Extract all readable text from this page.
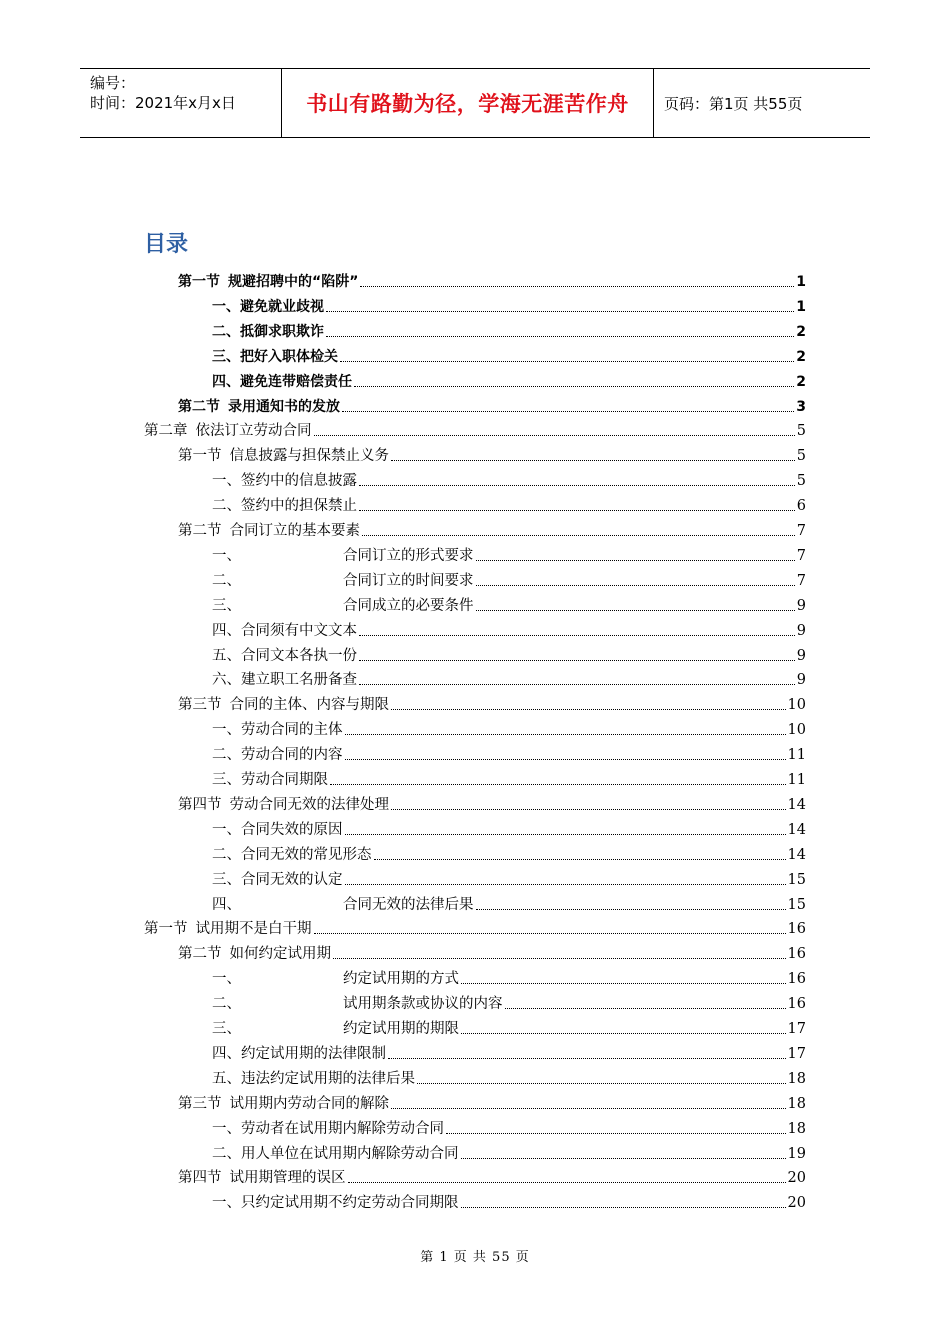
编号：
时间：2021年x月x日	书山有路勤为径，学海无涯苦作舟 页码：第1页 共55页
目录
第一节 规避招聘中的“陷阱”	1
一、避免就业歧视	1
二、抵御求职欺诈	2
三、把好入职体检关	2
四、避免连带赔偿责任	2
第二节 录用通知书的发放	3
第二章 依法订立劳动合同	5
第一节 信息披露与担保禁止义务	5
一、签约中的信息披露	5
二、签约中的担保禁止	6
第二节 合同订立的基本要素	7
一、	合同订立的形式要求	7
二、	合同订立的时间要求	7
三、	合同成立的必要条件	9
四、合同须有中文文本	9
五、合同文本各执一份	9
六、建立职工名册备查	9
第三节 合同的主体、内容与期限	10
一、劳动合同的主体	10
二、劳动合同的内容	11
三、劳动合同期限	11
第四节 劳动合同无效的法律处理	14
一、合同失效的原因	14
二、合同无效的常见形态	14
三、合同无效的认定	15
四、	合同无效的法律后果	15
第一节 试用期不是白干期	16
第二节 如何约定试用期	16
一、	约定试用期的方式	16
二、	试用期条款或协议的内容	16
三、	约定试用期的期限	17
四、约定试用期的法律限制	17
五、违法约定试用期的法律后果	18
第三节 试用期内劳动合同的解除	18
一、劳动者在试用期内解除劳动合同	18
二、用人单位在试用期内解除劳动合同	19
第四节 试用期管理的误区	20
一、只约定试用期不约定劳动合同期限	20
第 1 页 共 55 页
